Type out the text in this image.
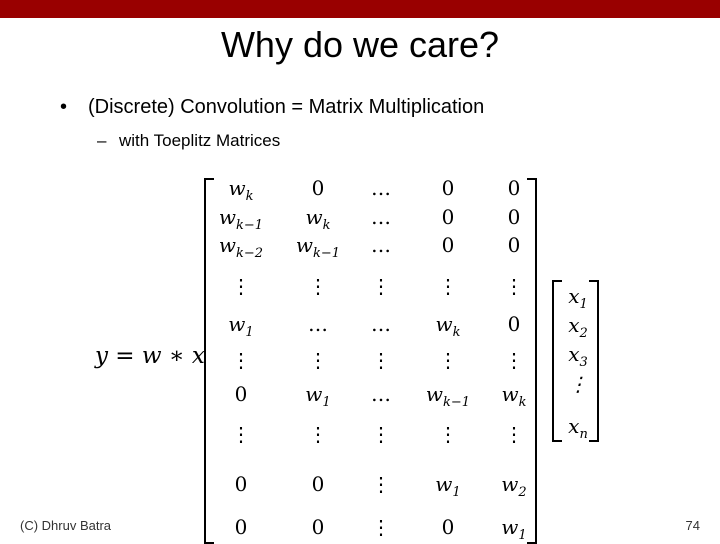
Why do we care?
• (Discrete) Convolution = Matrix Multiplication
– with Toeplitz Matrices
y = w ∗ x
$w_k$	0	…	0	0
$w_{k-1}$	$w_k$	…	0	0
$w_{k-2}$	$w_{k-1}$	…	0	0
⋮	⋮	⋮	⋮	⋮
$w_1$	…	…	$w_k$	0
⋮	⋮	⋮	⋮	⋮
0	$w_1$	…	$w_{k-1}$	$w_k$
⋮	⋮	⋮	⋮	⋮
0	0	⋮	$w_1$	$w_2$
0	0	⋮	0	$w_1$
$x_1$
$x_2$
$x_3$
⋮
$x_n$
(C) Dhruv Batra	74
